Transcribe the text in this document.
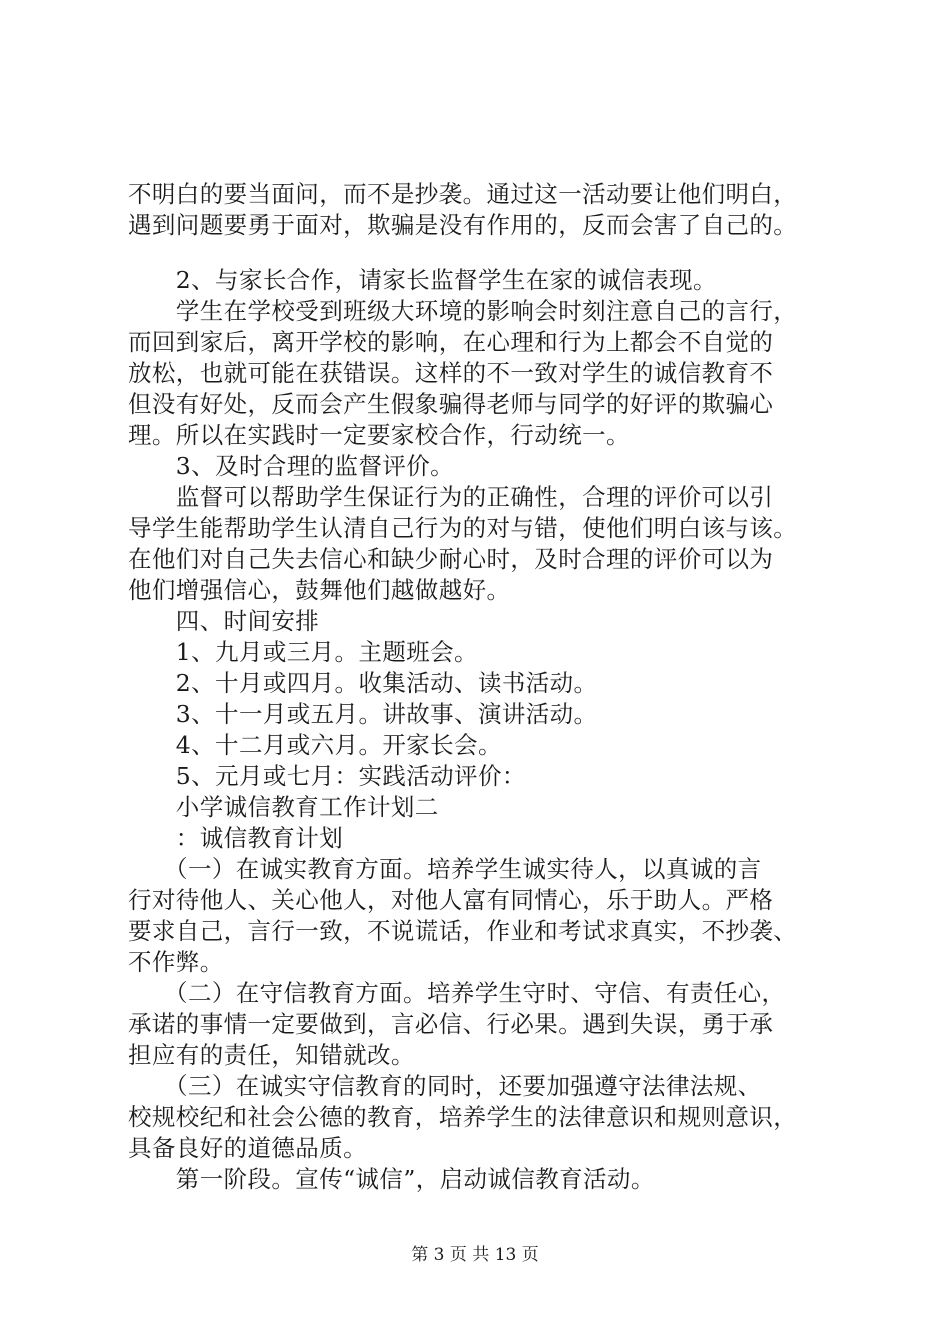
不明白的要当面问，而不是抄袭。通过这一活动要让他们明白，
遇到问题要勇于面对，欺骗是没有作用的，反而会害了自己的。
　　2、与家长合作，请家长监督学生在家的诚信表现。
　　学生在学校受到班级大环境的影响会时刻注意自己的言行，
而回到家后，离开学校的影响，在心理和行为上都会不自觉的
放松，也就可能在获错误。这样的不一致对学生的诚信教育不
但没有好处，反而会产生假象骗得老师与同学的好评的欺骗心
理。所以在实践时一定要家校合作，行动统一。
　　3、及时合理的监督评价。
　　监督可以帮助学生保证行为的正确性，合理的评价可以引
导学生能帮助学生认清自己行为的对与错，使他们明白该与该。
在他们对自己失去信心和缺少耐心时，及时合理的评价可以为
他们增强信心，鼓舞他们越做越好。
　　四、时间安排
　　1、九月或三月。主题班会。
　　2、十月或四月。收集活动、读书活动。
　　3、十一月或五月。讲故事、演讲活动。
　　4、十二月或六月。开家长会。
　　5、元月或七月：实践活动评价：
　　小学诚信教育工作计划二
　　：诚信教育计划
　　（一）在诚实教育方面。培养学生诚实待人，以真诚的言
行对待他人、关心他人，对他人富有同情心，乐于助人。严格
要求自己，言行一致，不说谎话，作业和考试求真实，不抄袭、
不作弊。
　　（二）在守信教育方面。培养学生守时、守信、有责任心，
承诺的事情一定要做到，言必信、行必果。遇到失误，勇于承
担应有的责任，知错就改。
　　（三）在诚实守信教育的同时，还要加强遵守法律法规、
校规校纪和社会公德的教育，培养学生的法律意识和规则意识，
具备良好的道德品质。
　　第一阶段。宣传“诚信”，启动诚信教育活动。
第 3 页 共 13 页
